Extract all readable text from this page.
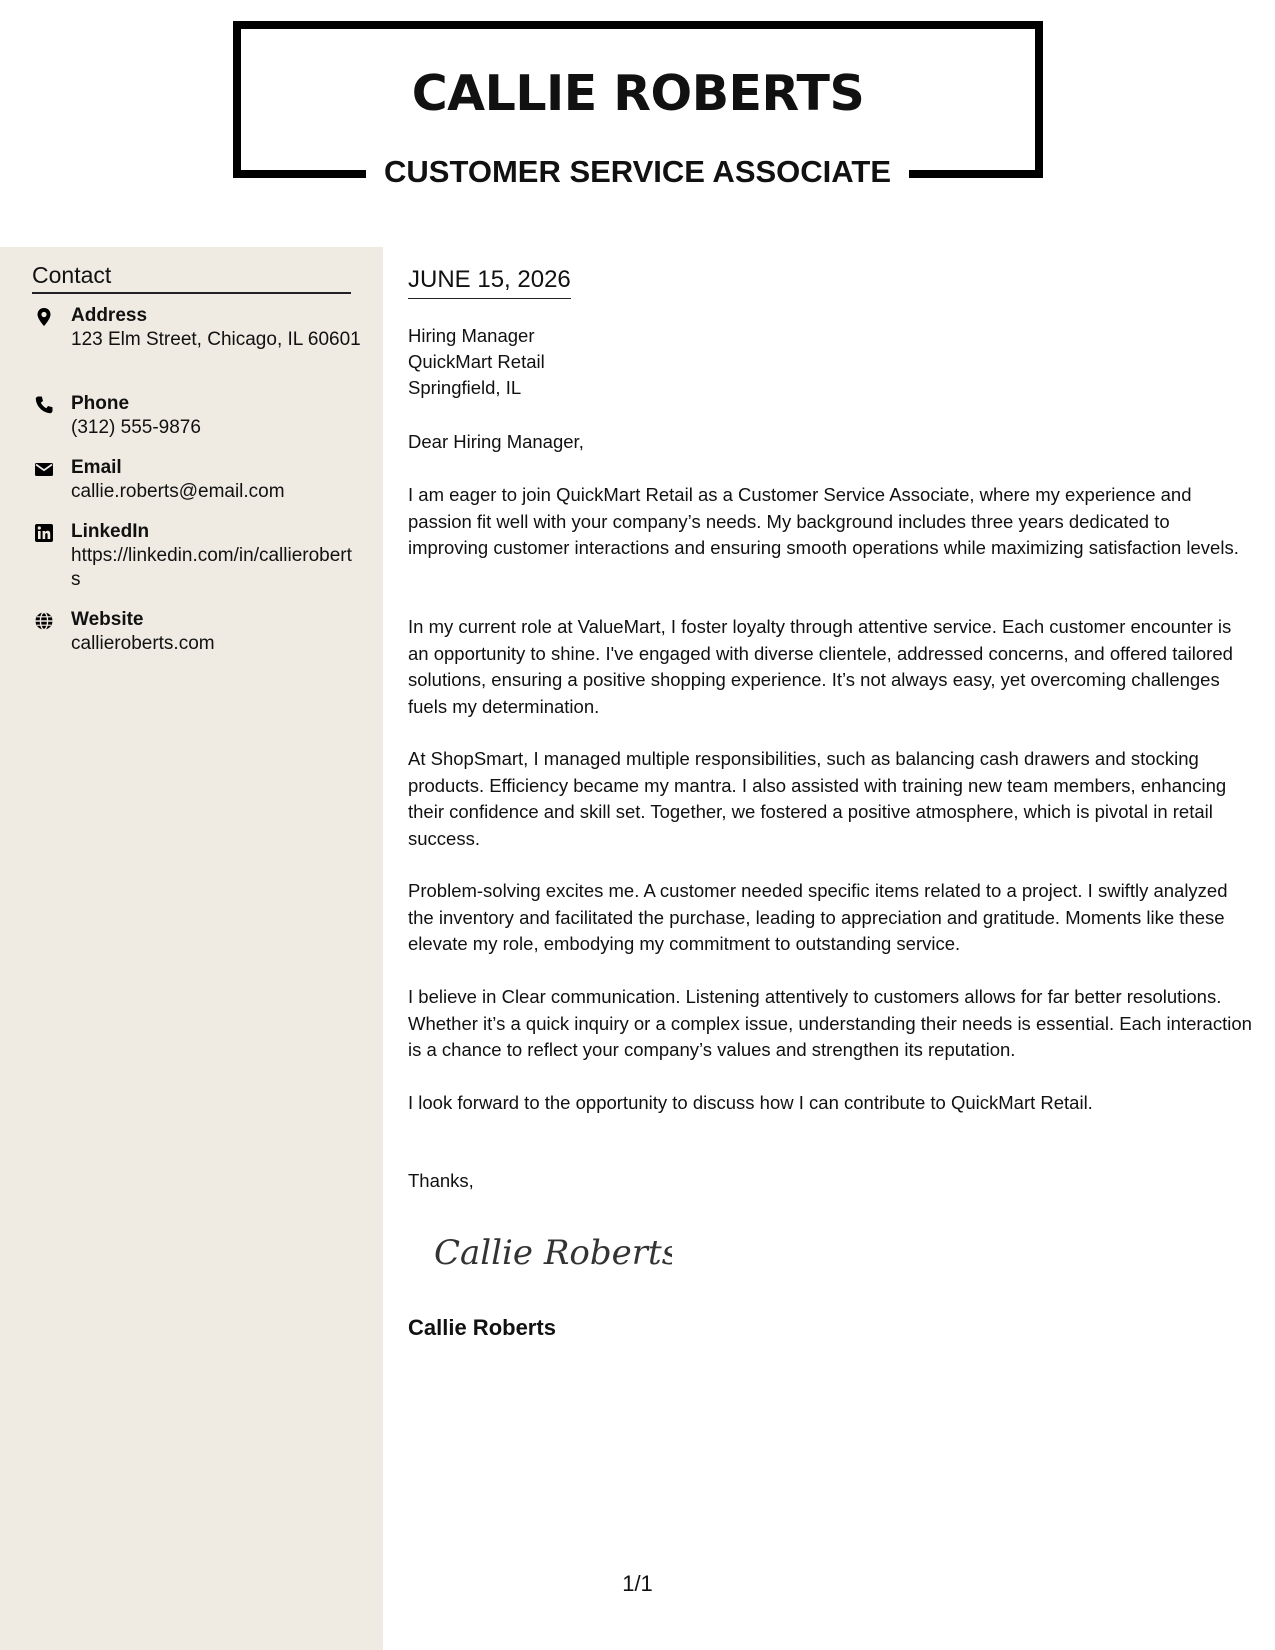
CALLIE ROBERTS
CUSTOMER SERVICE ASSOCIATE
Contact
Address
123 Elm Street, Chicago, IL 60601
Phone
(312) 555-9876
Email
callie.roberts@email.com
LinkedIn
https://linkedin.com/in/callieroberts
Website
callieroberts.com
JUNE 15, 2026
Hiring Manager
QuickMart Retail
Springfield, IL
Dear Hiring Manager,

I am eager to join QuickMart Retail as a Customer Service Associate, where my experience and passion fit well with your company’s needs. My background includes three years dedicated to improving customer interactions and ensuring smooth operations while maximizing satisfaction levels.

In my current role at ValueMart, I foster loyalty through attentive service. Each customer encounter is an opportunity to shine. I've engaged with diverse clientele, addressed concerns, and offered tailored solutions, ensuring a positive shopping experience. It’s not always easy, yet overcoming challenges fuels my determination.

At ShopSmart, I managed multiple responsibilities, such as balancing cash drawers and stocking products. Efficiency became my mantra. I also assisted with training new team members, enhancing their confidence and skill set. Together, we fostered a positive atmosphere, which is pivotal in retail success.

Problem-solving excites me. A customer needed specific items related to a project. I swiftly analyzed the inventory and facilitated the purchase, leading to appreciation and gratitude. Moments like these elevate my role, embodying my commitment to outstanding service.

I believe in Clear communication. Listening attentively to customers allows for far better resolutions. Whether it’s a quick inquiry or a complex issue, understanding their needs is essential. Each interaction is a chance to reflect your company’s values and strengthen its reputation.

I look forward to the opportunity to discuss how I can contribute to QuickMart Retail.

Thanks,
Callie Roberts
Callie Roberts
1/1
